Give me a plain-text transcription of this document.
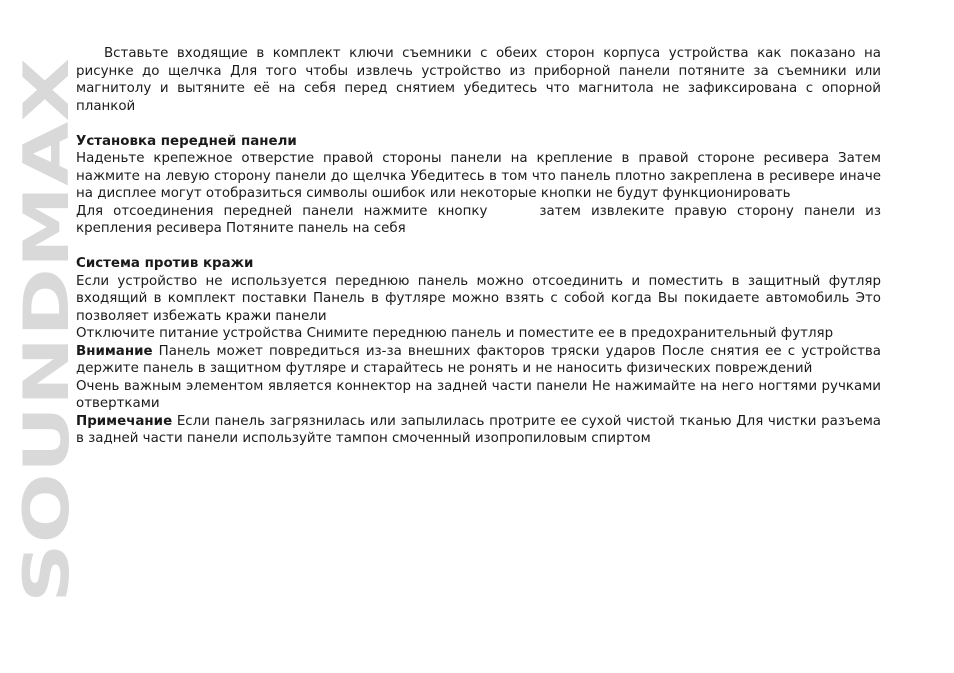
SOUNDMAX

Вставьте входящие в комплект ключи съемники с обеих сторон корпуса устройства как показано на рисунке до щелчка Для того чтобы извлечь устройство из приборной панели потяните за съемники или магнитолу и вытяните её на себя перед снятием убедитесь что магнитола не зафиксирована с опорной планкой

Установка передней панели

Наденьте крепежное отверстие правой стороны панели на крепление в правой стороне ресивера Затем нажмите на левую сторону панели до щелчка Убедитесь в том что панель плотно закреплена в ресивере иначе на дисплее могут отобразиться символы ошибок или некоторые кнопки не будут функционировать

Для отсоединения передней панели нажмите кнопку	затем извлеките правую сторону панели из крепления ресивера Потяните панель на себя

Система против кражи

Если устройство не используется переднюю панель можно отсоединить и поместить в защитный футляр входящий в комплект поставки Панель в футляре можно взять с собой когда Вы покидаете автомобиль Это позволяет избежать кражи панели

Отключите питание устройства Снимите переднюю панель и поместите ее в предохранительный футляр

Внимание Панель может повредиться из-за внешних факторов тряски ударов После снятия ее с устройства держите панель в защитном футляре и старайтесь не ронять и не наносить физических повреждений

Очень важным элементом является коннектор на задней части панели Не нажимайте на него ногтями ручками отвертками

Примечание Если панель загрязнилась или запылилась протрите ее сухой чистой тканью Для чистки разъема в задней части панели используйте тампон смоченный изопропиловым спиртом
